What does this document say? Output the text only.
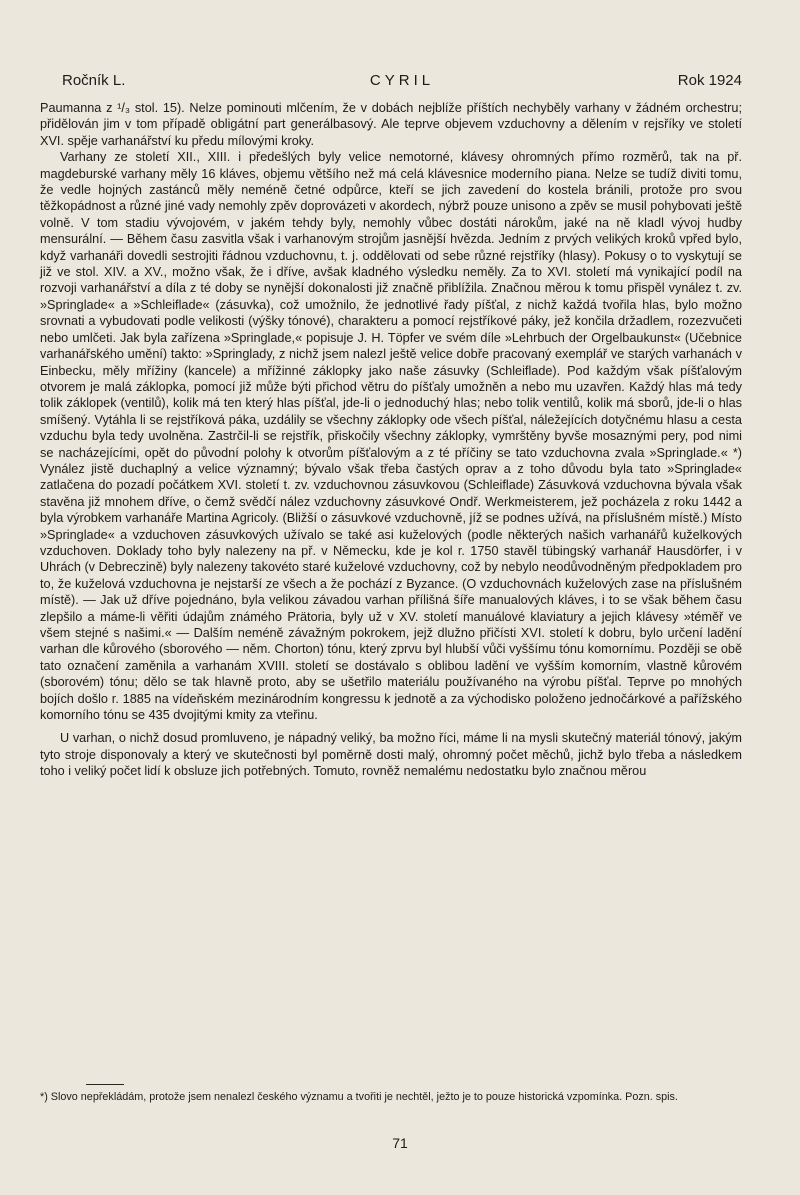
Ročník L.	CYRIL	Rok 1924

Paumanna z ¹/₃ stol. 15). Nelze pominouti mlčením, že v dobách nejblíže příštích nechyběly varhany v žádném orchestru; přidělován jim v tom případě obligátní part generálbasový. Ale teprve objevem vzduchovny a dělením v rejsříky ve století XVI. spěje varhanářství ku předu mílovými kroky.

Varhany ze století XII., XIII. i předešlých byly velice nemotorné, klávesy ohromných přímo rozměrů, tak na př. magdeburské varhany měly 16 kláves, objemu většího než má celá klávesnice moderního piana. Nelze se tudíž diviti tomu, že vedle hojných zastánců měly neméně četné odpůrce, kteří se jich zavedení do kostela bránili, protože pro svou těžkopádnost a různé jiné vady nemohly zpěv doprovázeti v akordech, nýbrž pouze unisono a zpěv se musil pohybovati ještě volně. V tom stadiu vývojovém, v jakém tehdy byly, nemohly vůbec dostáti nárokům, jaké na ně kladl vývoj hudby mensurální. — Během času zasvitla však i varhanovým strojům jasnější hvězda. Jedním z prvých velikých kroků vpřed bylo, když varhanáři dovedli sestrojiti řádnou vzduchovnu, t. j. oddělovati od sebe různé rejstříky (hlasy). Pokusy o to vyskytují se již ve stol. XIV. a XV., možno však, že i dříve, avšak kladného výsledku neměly. Za to XVI. století má vynikající podíl na rozvoji varhanářství a díla z té doby se nynější dokonalosti již značně přiblížila. Značnou měrou k tomu přispěl vynález t. zv. »Springlade« a »Schleiflade« (zásuvka), což umožnilo, že jednotlivé řady píšťal, z nichž každá tvořila hlas, bylo možno srovnati a vybudovati podle velikosti (výšky tónové), charakteru a pomocí rejstříkové páky, jež končila držadlem, rozezvučeti nebo umlčeti. Jak byla zařízena »Springlade,« popisuje J. H. Töpfer ve svém díle »Lehrbuch der Orgelbaukunst« (Učebnice varhanářského umění) takto: »Springlady, z nichž jsem nalezl ještě velice dobře pracovaný exemplář ve starých varhanách v Einbecku, měly mřížiny (kancele) a mřížinné záklopky jako naše zásuvky (Schleiflade). Pod každým však píšťalovým otvorem je malá záklopka, pomocí již může býti přichod větru do píšťaly umožněn a nebo mu uzavřen. Každý hlas má tedy tolik záklopek (ventilů), kolik má ten který hlas píšťal, jde-li o jednoduchý hlas; nebo tolik ventilů, kolik má sborů, jde-li o hlas smíšený. Vytáhla li se rejstříková páka, uzdálily se všechny záklopky ode všech píšťal, náležejících dotyčnému hlasu a cesta vzduchu byla tedy uvolněna. Zastrčil-li se rejstřík, přiskočily všechny záklopky, vymrštěny byvše mosaznými pery, pod nimi se nacházejícími, opět do původní polohy k otvorům píšťalovým a z té příčiny se tato vzduchovna zvala »Springlade.« *) Vynález jistě duchaplný a velice významný; bývalo však třeba častých oprav a z toho důvodu byla tato »Springlade« zatlačena do pozadí počátkem XVI. století t. zv. vzduchovnou zásuvkovou (Schleiflade) Zásuvková vzduchovna bývala však stavěna již mnohem dříve, o čemž svědčí nález vzduchovny zásuvkové Ondř. Werkmeisterem, jež pocházela z roku 1442 a byla výrobkem varhanáře Martina Agricoly. (Bližší o zásuvkové vzduchovně, jíž se podnes užívá, na příslušném místě.) Místo »Springlade« a vzduchoven zásuvkových užívalo se také asi kuželových (podle některých našich varhanářů kuželkových vzduchoven. Doklady toho byly nalezeny na př. v Německu, kde je kol r. 1750 stavěl tübingský varhanář Hausdörfer, i v Uhrách (v Debreczině) byly nalezeny takovéto staré kuželové vzduchovny, což by nebylo neodůvodněným předpokladem pro to, že kuželová vzduchovna je nejstarší ze všech a že pochází z Byzance. (O vzduchovnách kuželových zase na příslušném místě). — Jak už dříve pojednáno, byla velikou závadou varhan přílišná šíře manualových kláves, i to se však během času zlepšilo a máme-li věřiti údajům známého Prätoria, byly už v XV. století manuálové klaviatury a jejich klávesy »téměř ve všem stejné s našimi.« — Dalším neméně závažným pokrokem, jejž dlužno přičísti XVI. století k dobru, bylo určení ladění varhan dle kůrového (sborového — něm. Chorton) tónu, který zprvu byl hlubší vůči vyššímu tónu komornímu. Později se obě tato označení zaměnila a varhanám XVIII. století se dostávalo s oblibou ladění ve vyšším komorním, vlastně kůrovém (sborovém) tónu; dělo se tak hlavně proto, aby se ušetřilo materiálu používaného na výrobu píšťal. Teprve po mnohých bojích došlo r. 1885 na vídeňském mezinárodním kongressu k jednotě a za východisko položeno jednočárkové a pařížského komorního tónu se 435 dvojitými kmity za vteřinu.

U varhan, o nichž dosud promluveno, je nápadný veliký, ba možno říci, máme li na mysli skutečný materiál tónový, jakým tyto stroje disponovaly a který ve skutečnosti byl poměrně dosti malý, ohromný počet měchů, jichž bylo třeba a následkem toho i veliký počet lidí k obsluze jich potřebných. Tomuto, rovněž nemalému nedostatku bylo značnou měrou

*) Slovo nepřekládám, protože jsem nenalezl českého významu a tvořiti je nechtěl, ježto je to pouze historická vzpomínka. Pozn. spis.
71
